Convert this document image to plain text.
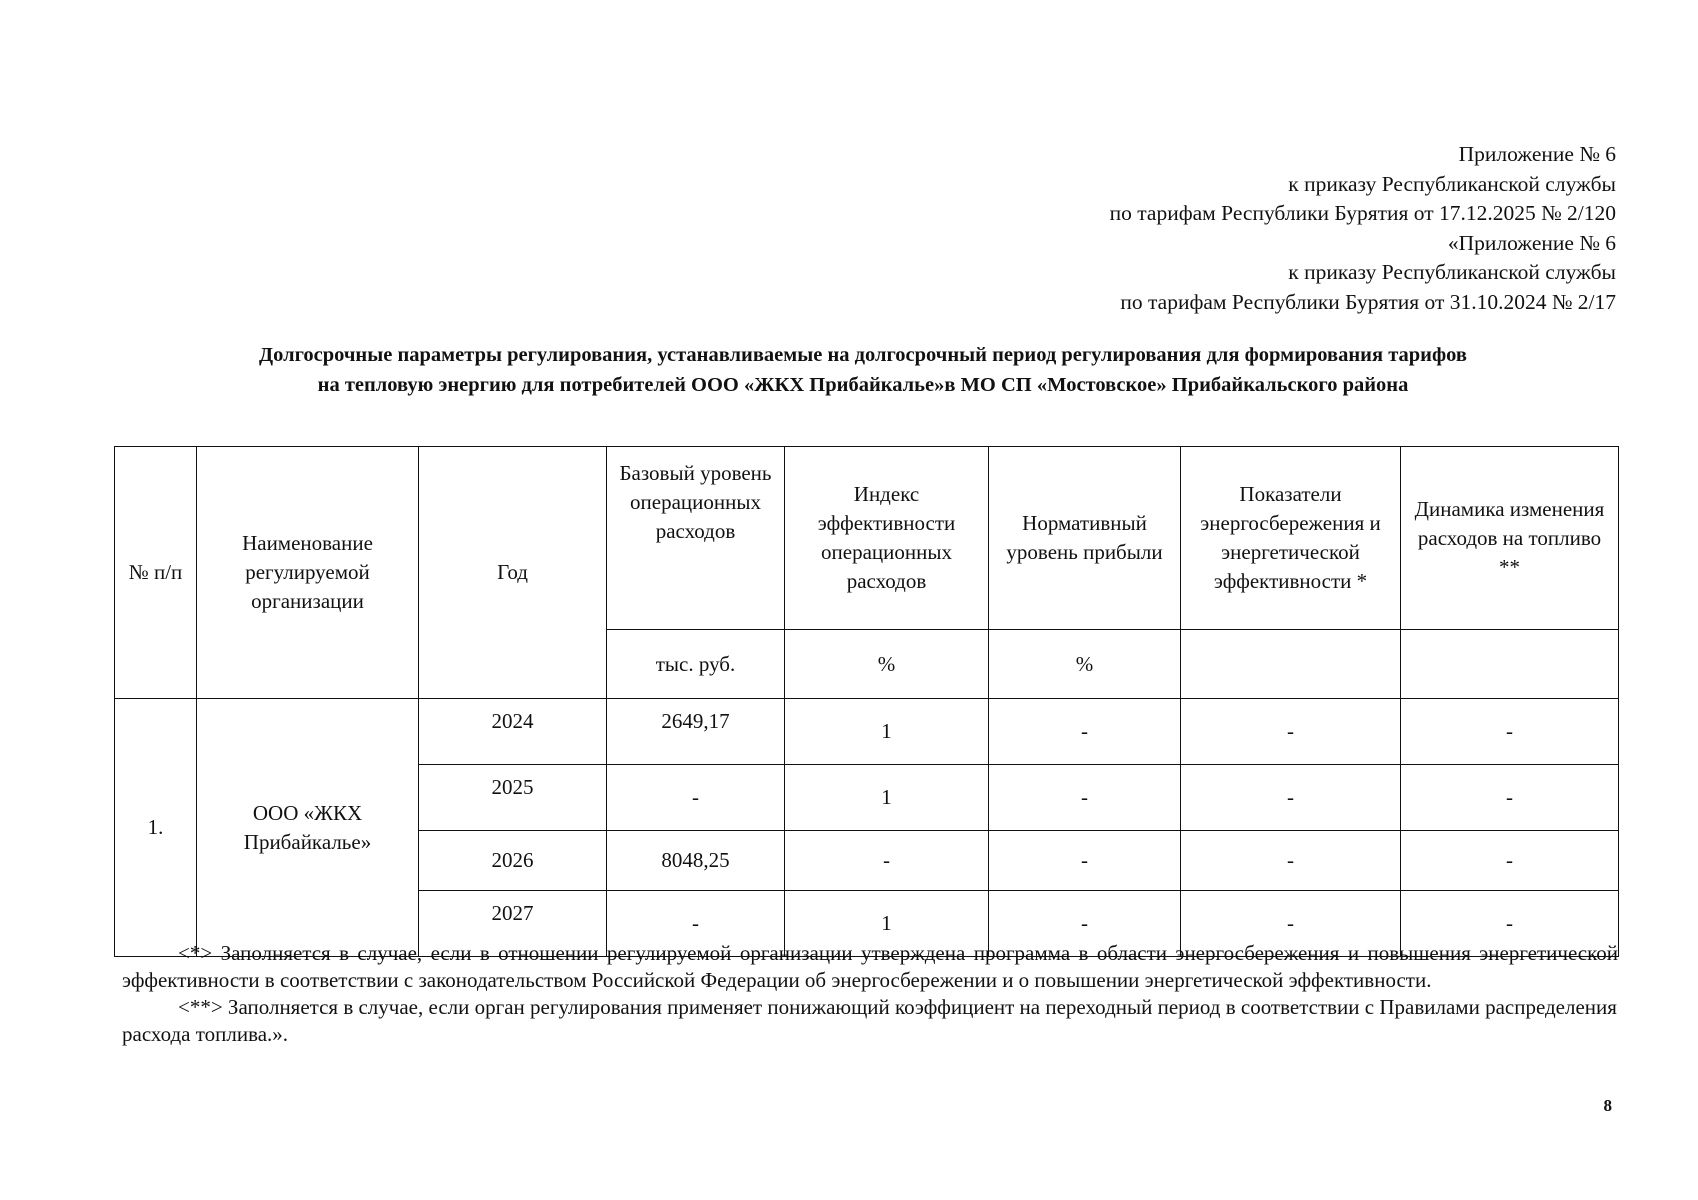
Приложение № 6
к приказу Республиканской службы
по тарифам Республики Бурятия от 17.12.2025 № 2/120
«Приложение № 6
к приказу Республиканской службы
по тарифам Республики Бурятия от 31.10.2024 № 2/17
Долгосрочные параметры регулирования, устанавливаемые на долгосрочный период регулирования для формирования тарифов
на тепловую энергию для потребителей ООО «ЖКХ Прибайкалье»в МО СП «Мостовское» Прибайкальского района
№ п/п	Наименование регулируемой организации	Год	Базовый уровень операционных расходов	Индекс эффективности операционных расходов	Нормативный уровень прибыли	Показатели энергосбережения и энергетической эффективности *	Динамика изменения расходов на топливо **
			тыс. руб.	%	%		
1.	ООО «ЖКХ Прибайкалье»	2024	2649,17	1	-	-	-
		2025	-	1	-	-	-
		2026	8048,25	-	-	-	-
		2027	-	1	-	-	-

<*> Заполняется в случае, если в отношении регулируемой организации утверждена программа в области энергосбережения и повышения энергетической эффективности в соответствии с законодательством Российской Федерации об энергосбережении и о повышении энергетической эффективности.

<**> Заполняется в случае, если орган регулирования применяет понижающий коэффициент на переходный период в соответствии с Правилами распределения расхода топлива.».

8
